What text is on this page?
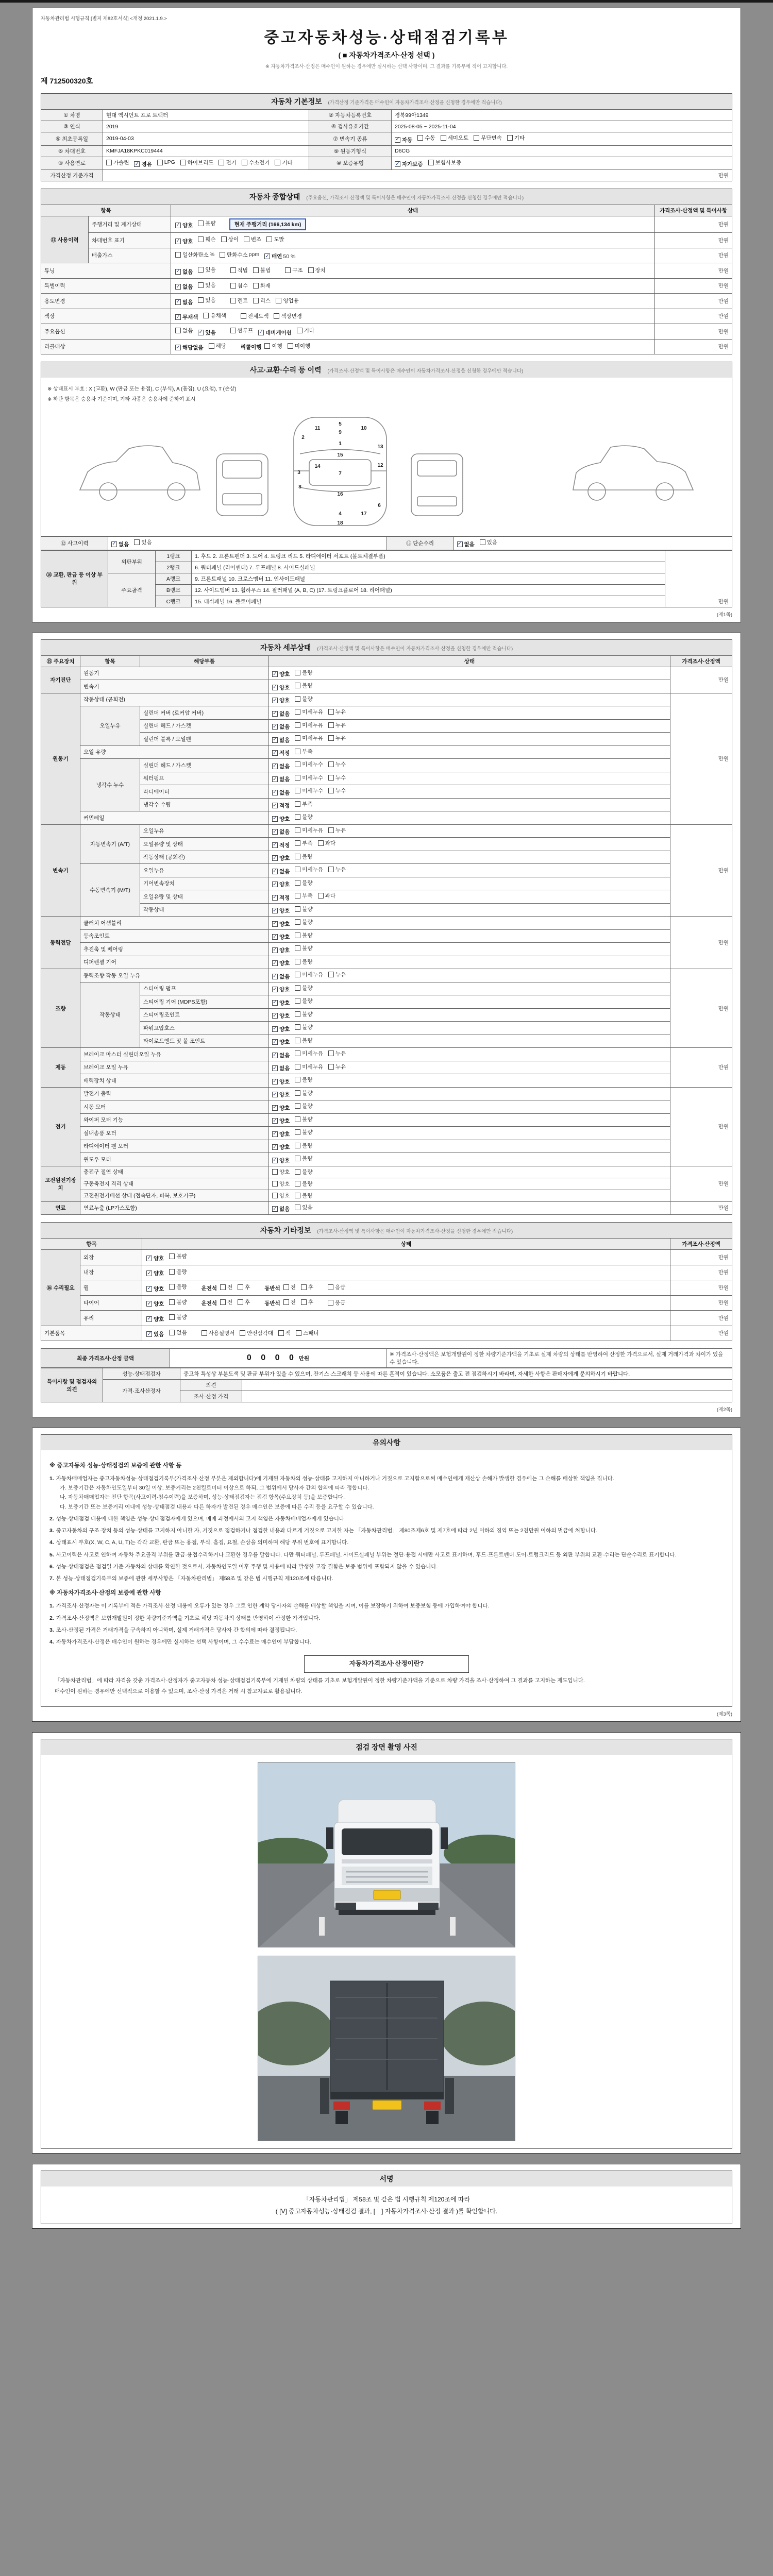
자동차관리법 시행규칙 [별지 제82호서식] <개정 2021.1.9.>
중고자동차성능·상태점검기록부
( ■ 자동차가격조사·산정 선택 )
※ 자동차가격조사·산정은 매수인이 원하는 경우에만 실시하는 선택 사항이며, 그 결과를 기록부에 적어 고지합니다.
제 712500320호
자동차 기본정보 (가격산정 기준가격은 매수인이 자동차가격조사·산정을 신청한 경우에만 적습니다)
① 차명	현대 엑시언트 프로 트랙터	② 자동차등록번호	경북99아1349
③ 연식	2019	④ 검사유효기간	2025-08-05 ~ 2025-11-04
⑤ 최초등록일	2019-04-03	⑦ 변속기 종류	✓ 자동 수동 세미오토 무단변속 기타

⑥ 차대번호	KMFJA18KPKC019444	⑨ 원동기형식	D6CG
⑧ 사용연료	가솔린 ✓ 경유 LPG 하이브리드 전기 수소전기 기타	⑩ 보증유형	✓ 자가보증 보험사보증

가격산정 기준가격	만원		
자동차 종합상태 (주요옵션, 가격조사·산정액 및 특이사항은 매수인이 자동차가격조사·산정을 신청한 경우에만 적습니다)
항목		상태	가격조사·산정액 및 특이사항
⑪ 사용이력	주행거리 및 계기상태	✓ 양호 불량 현재 주행거리 (166,134 km)	만원
차대번호 표기	✓ 양호 훼손 상이 변조 도말	만원
배출가스	일산화탄소 % 탄화수소 ppm ✓ 매연 50 %	만원
튜닝	✓ 없음 있음	적법 불법	구조 장치	만원
특별이력		✓ 없음 있음 침수 화재	만원
용도변경	✓ 없음 있음	렌트 리스 영업용	만원
색상		✓ 무채색 유채색 전체도색 색상변경	만원
주요옵션	없음 ✓ 있음	썬루프 ✓ 네비게이션 기타	만원
리콜대상	✓ 해당없음 해당	리콜이행 이행 미이행	만원
사고·교환·수리 등 이력 (가격조사·산정액 및 특이사항은 매수인이 자동차가격조사·산정을 신청한 경우에만 적습니다)
※ 상태표시 부호 : X (교환), W (판금 또는 용접), C (부식), A (흠집), U (요철), T (손상)
※ 하단 항목은 승용차 기준이며, 기타 차종은 승용차에 준하여 표시
1
2
3
4
5
6
7
8
9
10
11
12
13
14
15
16
17
18
⑫ 사고이력	✓ 없음 있음	⑬ 단순수리	✓ 없음 있음
⑭ 교환, 판금 등 이상 부위	외판부위	1랭크	1. 후드 2. 프론트펜더 3. 도어 4. 트렁크 리드 5. 라디에이터 서포트 (볼트체결부품)	만원
		2랭크	6. 쿼터패널 (리어펜더) 7. 루프패널 8. 사이드실패널	
	주요골격	A랭크	9. 프론트패널 10. 크로스멤버 11. 인사이드패널	
		B랭크	12. 사이드멤버 13. 휠하우스 14. 필러패널 (A, B, C) (17. 트렁크플로어 18. 리어패널)	
		C랭크	15. 대쉬패널 16. 플로어패널	
(제1쪽)
자동차 세부상태 (가격조사·산정액 및 특이사항은 매수인이 자동차가격조사·산정을 신청한 경우에만 적습니다)
⑮ 주요장치	항목	해당부품	상태	가격조사·산정액
자기진단	원동기		✓ 양호 불량	만원
	변속기		✓ 양호 불량	

원동기	작동상태 (공회전)		✓ 양호 불량	만원
	오일누유	실린더 커버 (로커암 커버)	✓ 없음 미세누유 누유	

		실린더 헤드 / 가스켓	✓ 없음 미세누유 누유	

		실린더 블록 / 오일팬	✓ 없음 미세누유 누유	

	오일 유량		✓ 적정 부족	

	냉각수 누수	실린더 헤드 / 가스켓	✓ 없음 미세누수 누수	

		워터펌프	✓ 없음 미세누수 누수	

		라디에이터	✓ 없음 미세누수 누수	

		냉각수 수량	✓ 적정 부족	

	커먼레일		✓ 양호 불량	

변속기	자동변속기 (A/T)	오일누유	✓ 없음 미세누유 누유	만원
		오일유량 및 상태	✓ 적정 부족 과다	

		작동상태 (공회전)	✓ 양호 불량	

	수동변속기 (M/T)	오일누유	✓ 없음 미세누유 누유	

		기어변속장치	✓ 양호 불량	

		오일유량 및 상태	✓ 적정 부족 과다	

		작동상태	✓ 양호 불량	

동력전달	클러치 어셈블리		✓ 양호 불량	만원
	등속조인트		✓ 양호 불량	

	추진축 및 베어링		✓ 양호 불량	

	디퍼렌셜 기어		✓ 양호 불량	

조향	동력조향 작동 오일 누유		✓ 없음 미세누유 누유	만원
	작동상태	스티어링 펌프	✓ 양호 불량	

		스티어링 기어 (MDPS포함)	✓ 양호 불량	

		스티어링조인트	✓ 양호 불량	

		파워고압호스	✓ 양호 불량	

		타이로드엔드 및 볼 조인트	✓ 양호 불량	

제동	브레이크 마스터 실린더오일 누유		✓ 없음 미세누유 누유	만원
	브레이크 오일 누유		✓ 없음 미세누유 누유	

	배력장치 상태		✓ 양호 불량	

전기	발전기 출력		✓ 양호 불량	만원
	시동 모터		✓ 양호 불량	

	와이퍼 모터 기능		✓ 양호 불량	

	실내송풍 모터		✓ 양호 불량	

	라디에이터 팬 모터		✓ 양호 불량	

	윈도우 모터		✓ 양호 불량	

고전원전기장치	충전구 절연 상태		양호 불량	만원
	구동축전지 격리 상태		양호 불량	

	고전원전기배선 상태 (접속단자, 피복, 보호기구)		양호 불량	

연료	연료누출 (LP가스포함)		✓ 없음 있음	만원
자동차 기타정보 (가격조사·산정액 및 특이사항은 매수인이 자동차가격조사·산정을 신청한 경우에만 적습니다)
항목		상태	가격조사·산정액
⑯ 수리필요	외장	✓ 양호 불량	만원
	내장	✓ 양호 불량	만원
휠	✓ 양호 불량	운전석 전 후	동반석 전 후	응급	만원
타이어	✓ 양호 불량	운전석 전 후	동반석 전 후	응급	만원
	유리	✓ 양호 불량	만원
기본품목	✓ 있음 없음	사용설명서 안전삼각대 잭 스패너	만원
최종 가격조사·산정 금액	0 0 0 0 만원	※ 가격조사·산정액은 보험개발원이 정한 차량기준가액을 기초로 실제 차량의 상태를 반영하여 산정한 가격으로서, 실제 거래가격과 차이가 있을 수 있습니다.
특이사항 및 점검자의 의견	성능·상태점검자	중고차 특성상 부분도색 및 판금 부위가 있을 수 있으며, 잔기스·스크래치 등 사용에 따른 흔적이 있습니다. 소모품은 출고 전 점검하시기 바라며, 자세한 사항은 판매자에게 문의하시기 바랍니다.	
	가격·조사산정자	의견	
		조사·산정 가격	
(제2쪽)
유의사항
※ 중고자동차 성능·상태점검의 보증에 관한 사항 등
1. 자동차매매업자는 중고자동차성능·상태점검기록부(가격조사·산정 부분은 제외합니다)에 기재된 자동차의 성능·상태를 고지하지 아니하거나 거짓으로 고지함으로써 매수인에게 재산상 손해가 발생한 경우에는 그 손해를 배상할 책임을 집니다.
가. 보증기간은 자동차인도일부터 30일 이상, 보증거리는 2천킬로미터 이상으로 하되, 그 범위에서 당사자 간의 합의에 따라 정합니다.
나. 자동차매매업자는 진단 항목(사고이력·침수이력)을 보증하며, 성능·상태점검자는 점검 항목(주요장치 등)을 보증합니다.
다. 보증기간 또는 보증거리 이내에 성능·상태점검 내용과 다른 하자가 발견된 경우 매수인은 보증에 따른 수리 등을 요구할 수 있습니다.
2. 성능·상태점검 내용에 대한 책임은 성능·상태점검자에게 있으며, 매매 과정에서의 고지 책임은 자동차매매업자에게 있습니다.
3. 중고자동차의 구조·장치 등의 성능·상태를 고지하지 아니한 자, 거짓으로 점검하거나 점검한 내용과 다르게 거짓으로 고지한 자는 「자동차관리법」 제80조제6호 및 제7호에 따라 2년 이하의 징역 또는 2천만원 이하의 벌금에 처합니다.
4. 상태표시 부호(X, W, C, A, U, T)는 각각 교환, 판금 또는 용접, 부식, 흠집, 요철, 손상을 의미하며 해당 부위 번호에 표기합니다.
5. 사고이력은 사고로 인하여 자동차 주요골격 부위를 판금·용접수리하거나 교환한 경우를 말합니다. 다만 쿼터패널, 루프패널, 사이드실패널 부위는 절단·용접 시에만 사고로 표기하며, 후드·프론트펜더·도어·트렁크리드 등 외판 부위의 교환·수리는 단순수리로 표기합니다.
6. 성능·상태점검은 점검일 기준 자동차의 상태를 확인한 것으로서, 자동차인도일 이후 주행 및 사용에 따라 발생한 고장·결함은 보증 범위에 포함되지 않을 수 있습니다.
7. 본 성능·상태점검기록부의 보증에 관한 세부사항은 「자동차관리법」 제58조 및 같은 법 시행규칙 제120조에 따릅니다.
※ 자동차가격조사·산정의 보증에 관한 사항
1. 가격조사·산정자는 이 기록부에 적은 가격조사·산정 내용에 오류가 있는 경우 그로 인한 계약 당사자의 손해를 배상할 책임을 지며, 이를 보장하기 위하여 보증보험 등에 가입하여야 합니다.
2. 가격조사·산정액은 보험개발원이 정한 차량기준가액을 기초로 해당 자동차의 상태를 반영하여 산정한 가격입니다.
3. 조사·산정된 가격은 거래가격을 구속하지 아니하며, 실제 거래가격은 당사자 간 합의에 따라 결정됩니다.
4. 자동차가격조사·산정은 매수인이 원하는 경우에만 실시하는 선택 사항이며, 그 수수료는 매수인이 부담합니다.
자동차가격조사·산정이란?
「자동차관리법」에 따라 자격을 갖춘 가격조사·산정자가 중고자동차 성능·상태점검기록부에 기재된 차량의 상태를 기초로 보험개발원이 정한 차량기준가액을 기준으로 차량 가격을 조사·산정하여 그 결과를 고지하는 제도입니다.
매수인이 원하는 경우에만 선택적으로 이용할 수 있으며, 조사·산정 가격은 거래 시 참고자료로 활용됩니다.
(제3쪽)
점검 장면 촬영 사진
서명
「자동차관리법」 제58조 및 같은 법 시행규칙 제120조에 따라
( [V] 중고자동차성능·상태점검 결과, [　] 자동차가격조사·산정 결과 )를 확인합니다.
